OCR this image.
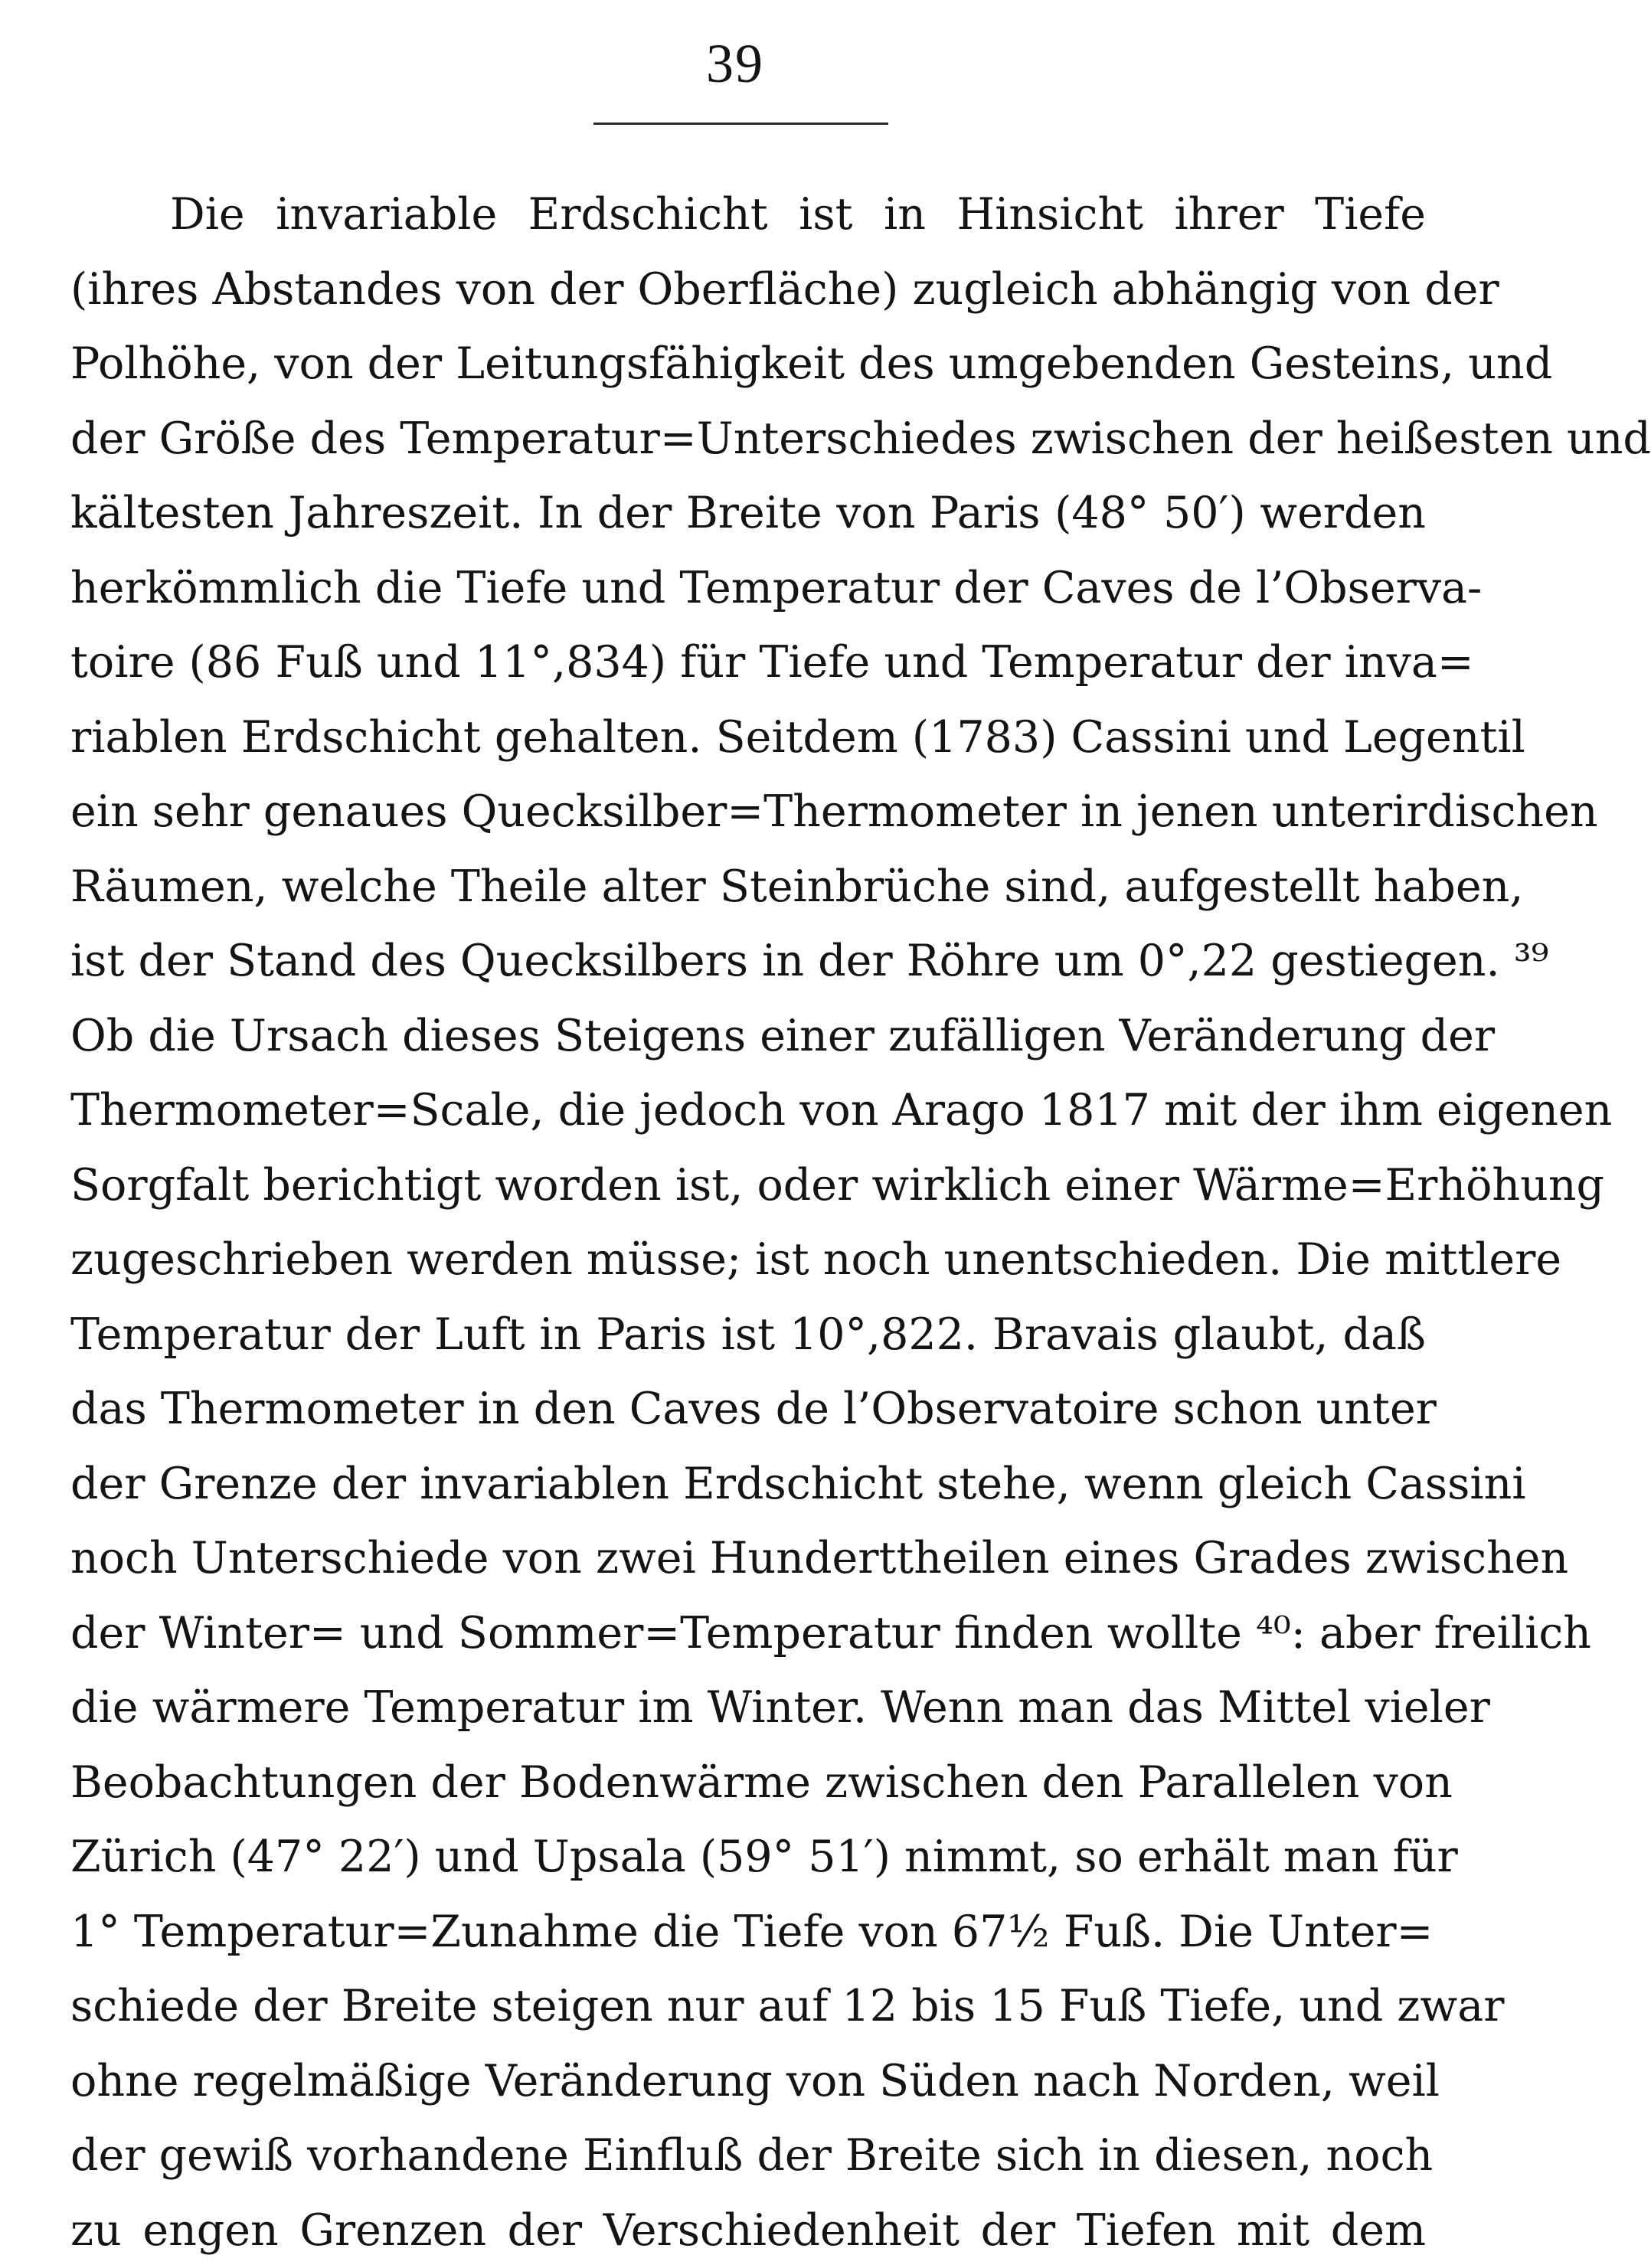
39
Die invariable Erdschicht ist in Hinsicht ihrer Tiefe
(ihres Abstandes von der Oberfläche) zugleich abhängig von der
Polhöhe, von der Leitungsfähigkeit des umgebenden Gesteins, und
der Größe des Temperatur=Unterschiedes zwischen der heißesten und
kältesten Jahreszeit. In der Breite von Paris (48° 50′) werden
herkömmlich die Tiefe und Temperatur der Caves de l’Observa-
toire (86 Fuß und 11°,834) für Tiefe und Temperatur der inva=
riablen Erdschicht gehalten. Seitdem (1783) Cassini und Legentil
ein sehr genaues Quecksilber=Thermometer in jenen unterirdischen
Räumen, welche Theile alter Steinbrüche sind, aufgestellt haben,
ist der Stand des Quecksilbers in der Röhre um 0°,22 gestiegen. ³⁹
Ob die Ursach dieses Steigens einer zufälligen Veränderung der
Thermometer=Scale, die jedoch von Arago 1817 mit der ihm eigenen
Sorgfalt berichtigt worden ist, oder wirklich einer Wärme=Erhöhung
zugeschrieben werden müsse; ist noch unentschieden. Die mittlere
Temperatur der Luft in Paris ist 10°,822. Bravais glaubt, daß
das Thermometer in den Caves de l’Observatoire schon unter
der Grenze der invariablen Erdschicht stehe, wenn gleich Cassini
noch Unterschiede von zwei Hunderttheilen eines Grades zwischen
der Winter= und Sommer=Temperatur finden wollte ⁴⁰: aber freilich
die wärmere Temperatur im Winter. Wenn man das Mittel vieler
Beobachtungen der Bodenwärme zwischen den Parallelen von
Zürich (47° 22′) und Upsala (59° 51′) nimmt, so erhält man für
1° Temperatur=Zunahme die Tiefe von 67½ Fuß. Die Unter=
schiede der Breite steigen nur auf 12 bis 15 Fuß Tiefe, und zwar
ohne regelmäßige Veränderung von Süden nach Norden, weil
der gewiß vorhandene Einfluß der Breite sich in diesen, noch
zu engen Grenzen der Verschiedenheit der Tiefen mit dem
